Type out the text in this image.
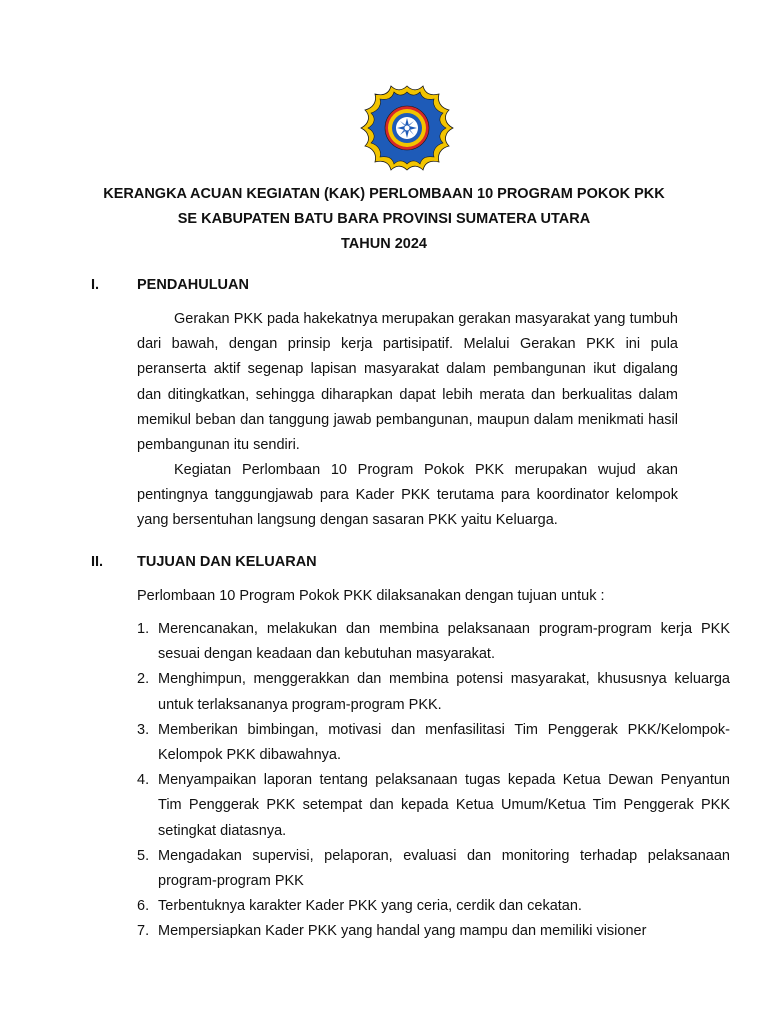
KERANGKA ACUAN KEGIATAN (KAK) PERLOMBAAN 10 PROGRAM POKOK PKK
SE KABUPATEN BATU BARA PROVINSI SUMATERA UTARA
TAHUN 2024
I.	PENDAHULUAN

Gerakan PKK pada hakekatnya merupakan gerakan masyarakat yang tumbuh dari bawah, dengan prinsip kerja partisipatif. Melalui Gerakan PKK ini pula peranserta aktif segenap lapisan masyarakat dalam pembangunan ikut digalang dan ditingkatkan, sehingga diharapkan dapat lebih merata dan berkualitas dalam memikul beban dan tanggung jawab pembangunan, maupun dalam menikmati hasil pembangunan itu sendiri.

Kegiatan Perlombaan 10 Program Pokok PKK merupakan wujud akan pentingnya tanggungjawab para Kader PKK terutama para koordinator kelompok yang bersentuhan langsung dengan sasaran PKK yaitu Keluarga.

II. TUJUAN DAN KELUARAN
Perlombaan 10 Program Pokok PKK dilaksanakan dengan tujuan untuk :
1. Merencanakan, melakukan dan membina pelaksanaan program-program kerja PKK sesuai dengan keadaan dan kebutuhan masyarakat.
2. Menghimpun, menggerakkan dan membina potensi masyarakat, khususnya keluarga untuk terlaksananya program-program PKK.
3. Memberikan bimbingan, motivasi dan menfasilitasi Tim Penggerak PKK/Kelompok-Kelompok PKK dibawahnya.
4. Menyampaikan laporan tentang pelaksanaan tugas kepada Ketua Dewan Penyantun Tim Penggerak PKK setempat dan kepada Ketua Umum/Ketua Tim Penggerak PKK setingkat diatasnya.
5. Mengadakan supervisi, pelaporan, evaluasi dan monitoring terhadap pelaksanaan program-program PKK
6. Terbentuknya karakter Kader PKK yang ceria, cerdik dan cekatan.
7. Mempersiapkan Kader PKK yang handal yang mampu dan memiliki visioner
